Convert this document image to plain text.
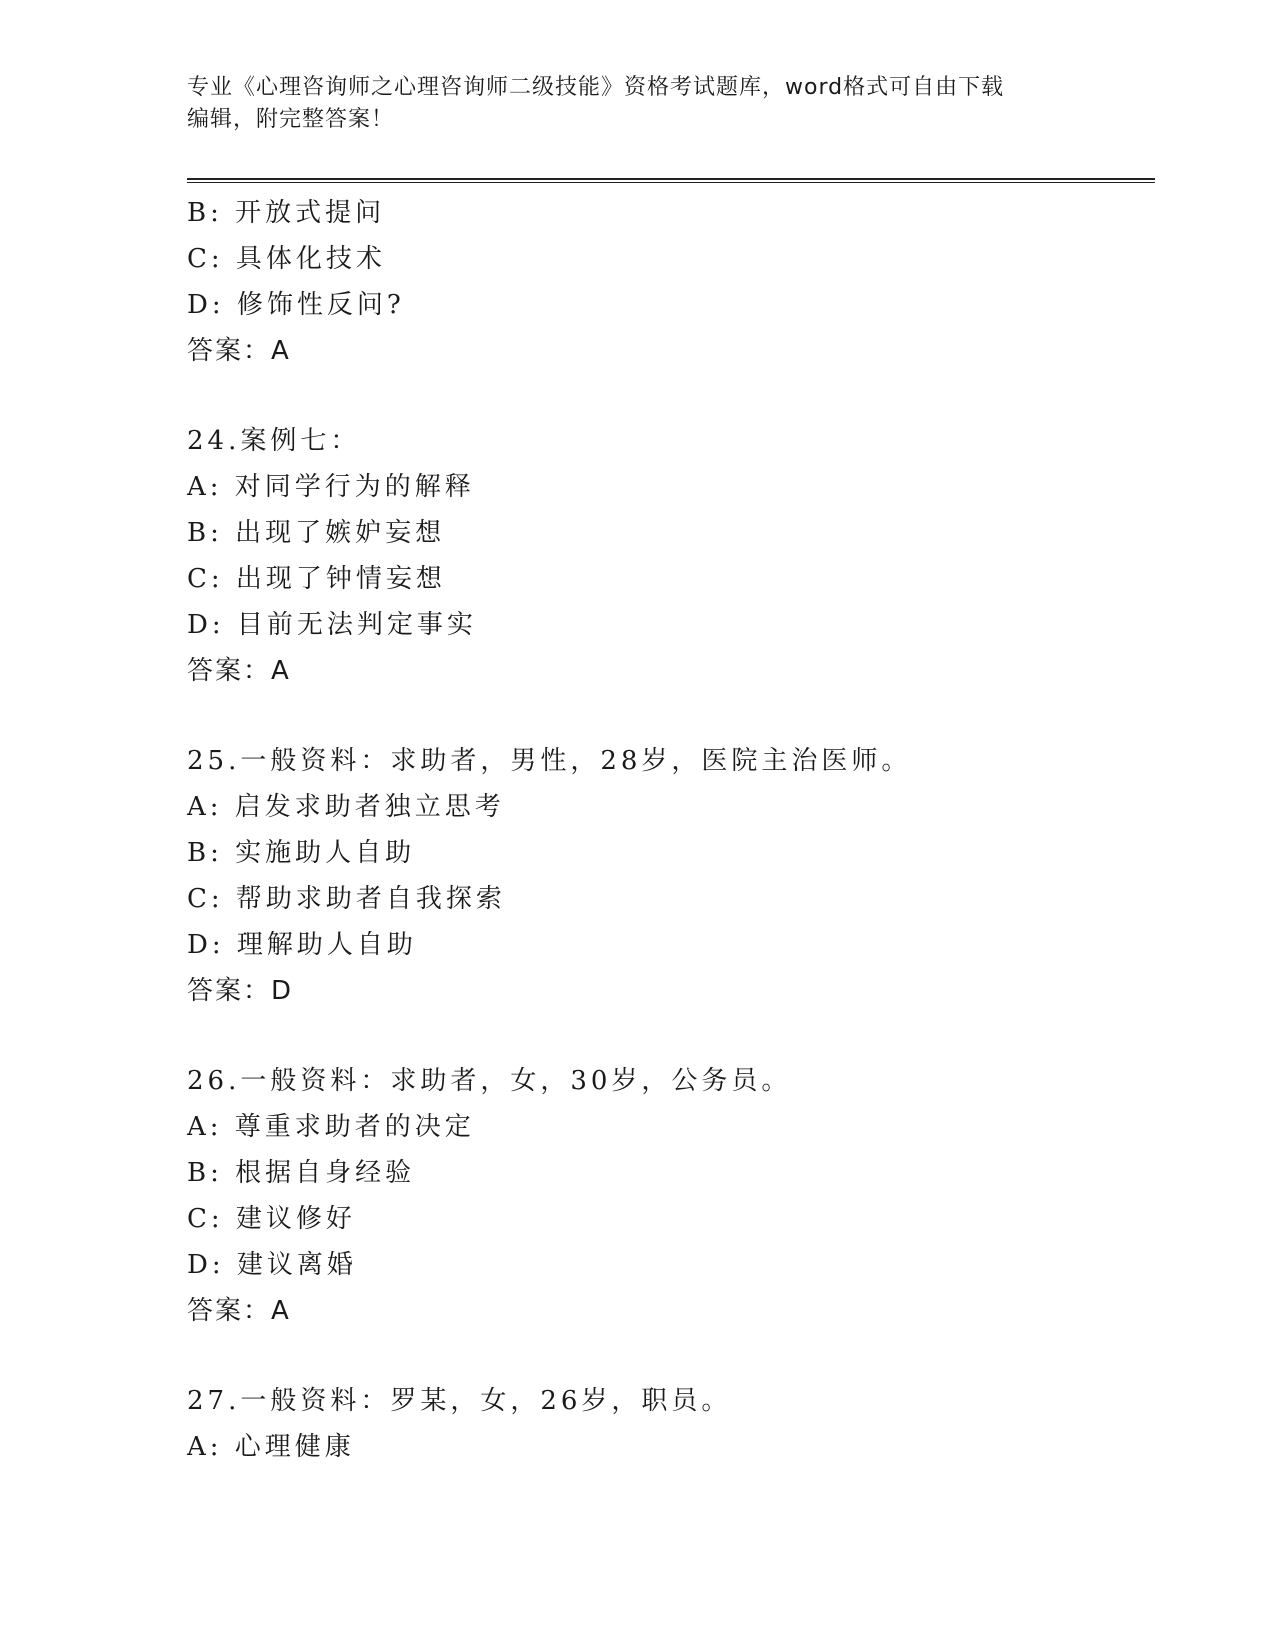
专业《心理咨询师之心理咨询师二级技能》资格考试题库，word格式可自由下载
编辑，附完整答案！
B: 开放式提问
C: 具体化技术
D: 修饰性反问?
答案：A
24.案例七：
A: 对同学行为的解释
B: 出现了嫉妒妄想
C: 出现了钟情妄想
D: 目前无法判定事实
答案：A
25.一般资料：求助者，男性，28岁，医院主治医师。
A: 启发求助者独立思考
B: 实施助人自助
C: 帮助求助者自我探索
D: 理解助人自助
答案：D
26.一般资料：求助者，女，30岁，公务员。
A: 尊重求助者的决定
B: 根据自身经验
C: 建议修好
D: 建议离婚
答案：A
27.一般资料：罗某，女，26岁，职员。
A: 心理健康
